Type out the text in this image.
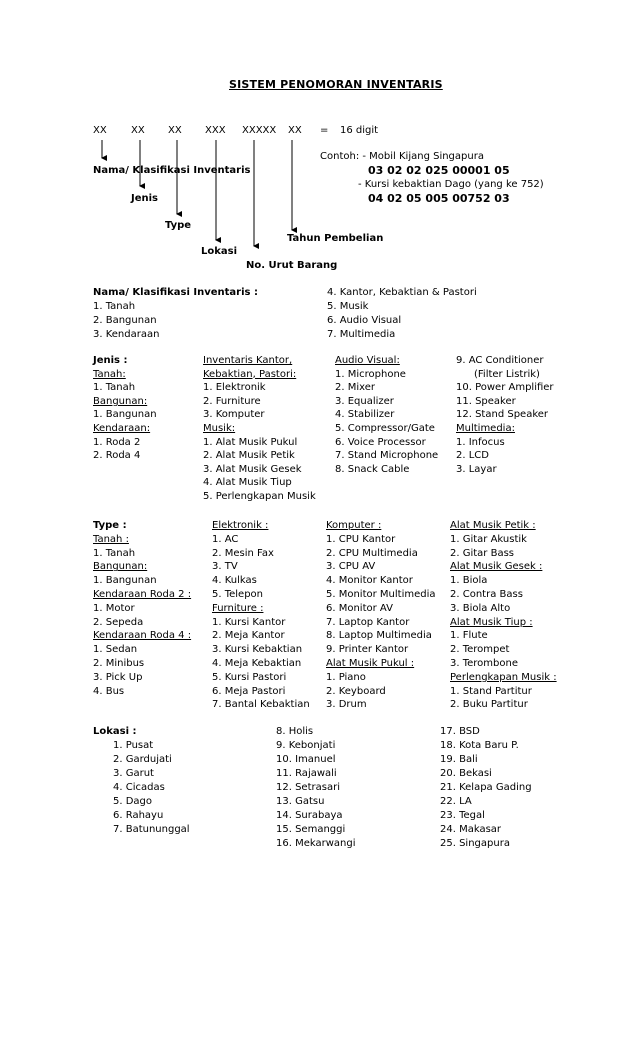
SISTEM PENOMORAN INVENTARIS
XX XX XX XXX XXXXX XX = 16 digit
Nama/ Klasifikasi Inventaris
Jenis
Type
Lokasi
No. Urut Barang
Tahun Pembelian
Contoh: - Mobil Kijang Singapura
03 02 02 025 00001 05
- Kursi kebaktian Dago (yang ke 752)
04 02 05 005 00752 03
Nama/ Klasifikasi Inventaris :
1. Tanah
2. Bangunan
3. Kendaraan
4. Kantor, Kebaktian & Pastori
5. Musik
6. Audio Visual
7. Multimedia
Jenis :
Tanah:
1. Tanah
Bangunan:
1. Bangunan
Kendaraan:
1. Roda 2
2. Roda 4
Inventaris Kantor,
Kebaktian, Pastori:
1. Elektronik
2. Furniture
3. Komputer
Musik:
1. Alat Musik Pukul
2. Alat Musik Petik
3. Alat Musik Gesek
4. Alat Musik Tiup
5. Perlengkapan Musik
Audio Visual:
1. Microphone
2. Mixer
3. Equalizer
4. Stabilizer
5. Compressor/Gate
6. Voice Processor
7. Stand Microphone
8. Snack Cable
9. AC Conditioner
(Filter Listrik)
10. Power Amplifier
11. Speaker
12. Stand Speaker
Multimedia:
1. Infocus
2. LCD
3. Layar
Type :
Tanah :
1. Tanah
Bangunan:
1. Bangunan
Kendaraan Roda 2 :
1. Motor
2. Sepeda
Kendaraan Roda 4 :
1. Sedan
2. Minibus
3. Pick Up
4. Bus
Elektronik :
1. AC
2. Mesin Fax
3. TV
4. Kulkas
5. Telepon
Furniture :
1. Kursi Kantor
2. Meja Kantor
3. Kursi Kebaktian
4. Meja Kebaktian
5. Kursi Pastori
6. Meja Pastori
7. Bantal Kebaktian
Komputer :
1. CPU Kantor
2. CPU Multimedia
3. CPU AV
4. Monitor Kantor
5. Monitor Multimedia
6. Monitor AV
7. Laptop Kantor
8. Laptop Multimedia
9. Printer Kantor
Alat Musik Pukul :
1. Piano
2. Keyboard
3. Drum
Alat Musik Petik :
1. Gitar Akustik
2. Gitar Bass
Alat Musik Gesek :
1. Biola
2. Contra Bass
3. Biola Alto
Alat Musik Tiup :
1. Flute
2. Terompet
3. Terombone
Perlengkapan Musik :
1. Stand Partitur
2. Buku Partitur
Lokasi :
1. Pusat
2. Gardujati
3. Garut
4. Cicadas
5. Dago
6. Rahayu
7. Batununggal
8. Holis
9. Kebonjati
10. Imanuel
11. Rajawali
12. Setrasari
13. Gatsu
14. Surabaya
15. Semanggi
16. Mekarwangi
17. BSD
18. Kota Baru P.
19. Bali
20. Bekasi
21. Kelapa Gading
22. LA
23. Tegal
24. Makasar
25. Singapura
